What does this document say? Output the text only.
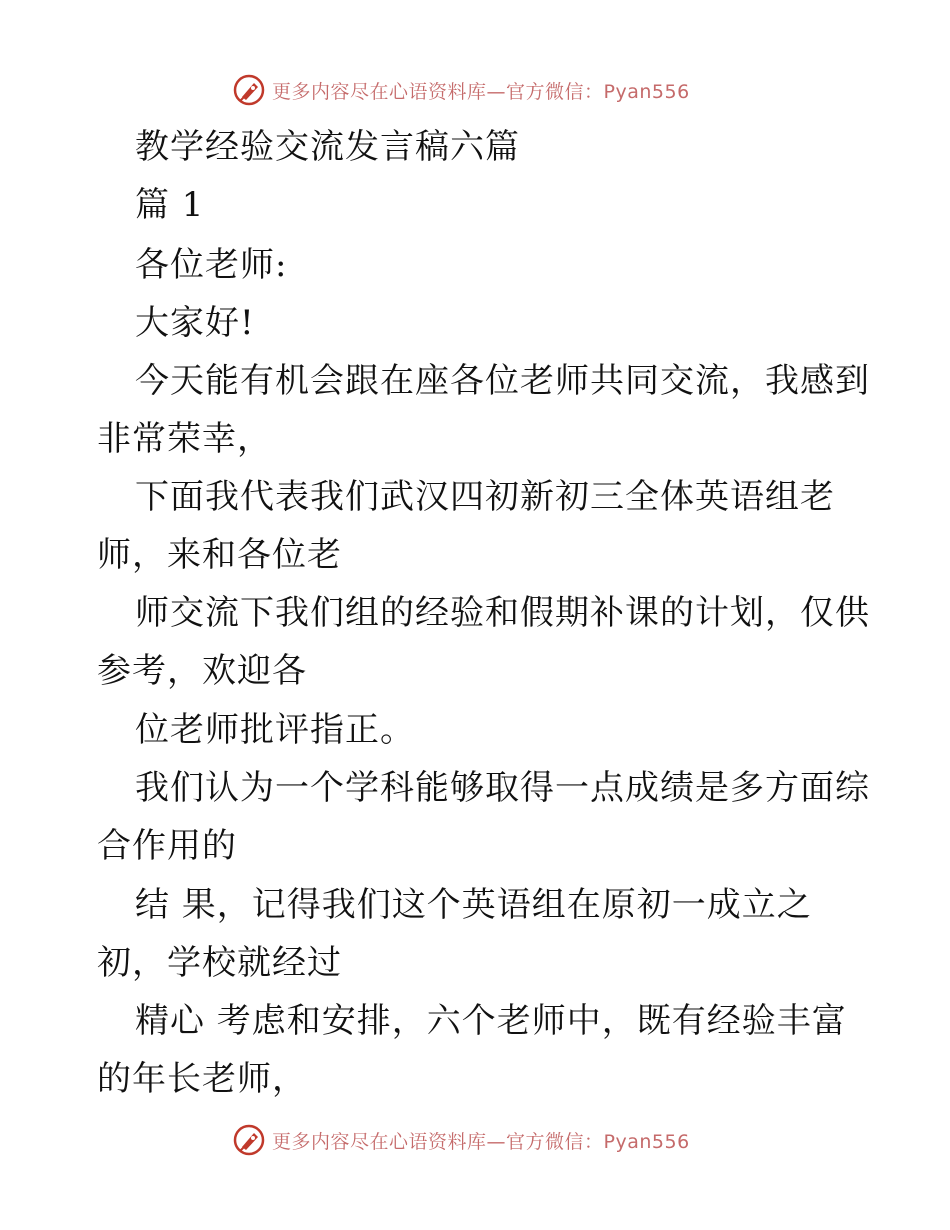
更多内容尽在心语资料库—官方微信：Pyan556
教学经验交流发言稿六篇
篇 1
各位老师:
大家好!
今天能有机会跟在座各位老师共同交流，我感到
非常荣幸，
下面我代表我们武汉四初新初三全体英语组老
师，来和各位老
师交流下我们组的经验和假期补课的计划，仅供
参考，欢迎各
位老师批评指正。
我们认为一个学科能够取得一点成绩是多方面综
合作用的
结 果，记得我们这个英语组在原初一成立之
初，学校就经过
精心 考虑和安排，六个老师中，既有经验丰富
的年长老师，
更多内容尽在心语资料库—官方微信：Pyan556
